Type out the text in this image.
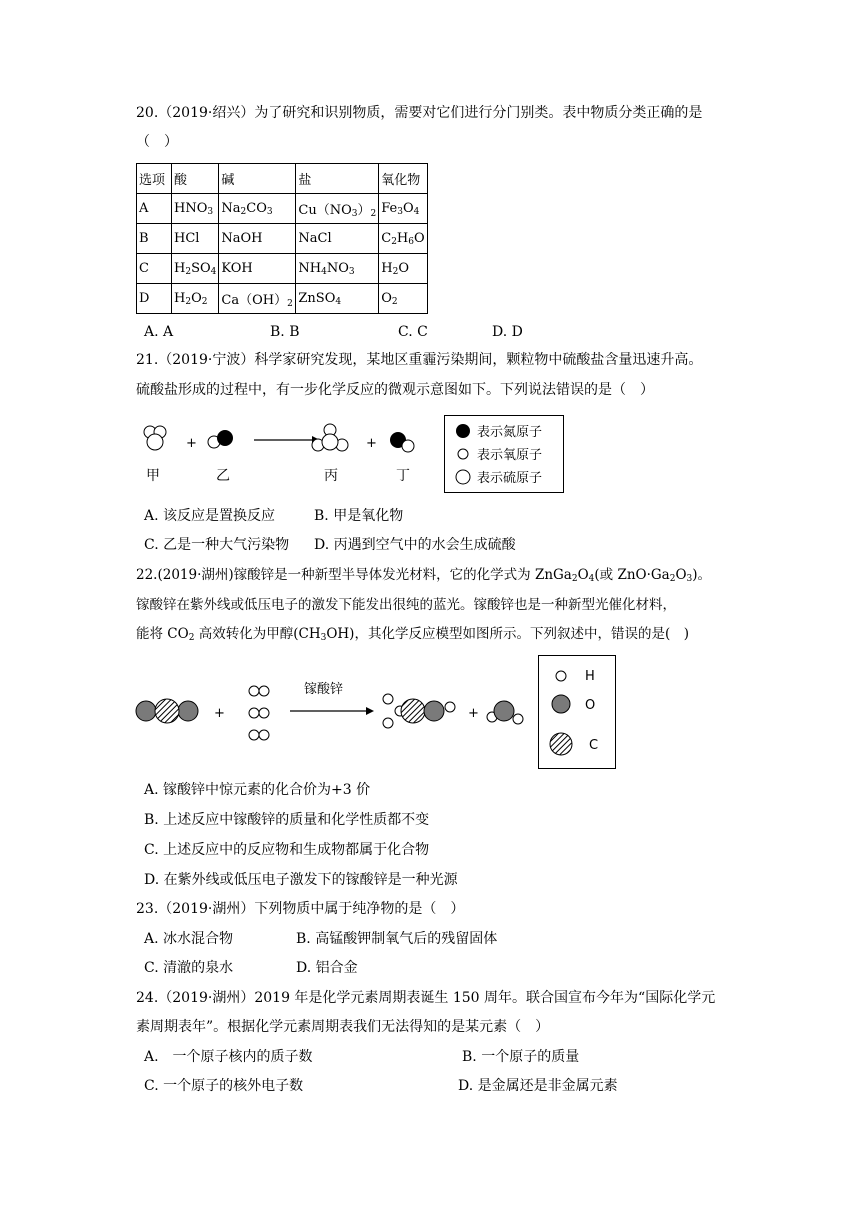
20.（2019·绍兴）为了研究和识别物质，需要对它们进行分门别类。表中物质分类正确的是
（　）
选项	酸	碱	盐	氧化物
A	$HNO_3$	$Na_2CO_3$	$Cu(NO_3)_2$	$Fe_3O_4$
B	HCl	NaOH	NaCl	$C_2H_6O$
C	$H_2SO_4$	KOH	$NH_4NO_3$	$H_2O$
D	$H_2O_2$	$Ca(OH)_2$	ZnSO$_4$	$O_2$
A. A	B. B	C. C	D. D
21.（2019·宁波）科学家研究发现，某地区重霾污染期间，颗粒物中硫酸盐含量迅速升高。
硫酸盐形成的过程中，有一步化学反应的微观示意图如下。下列说法错误的是（　）
+	+
甲	乙	丙	丁
表示氮原子
表示氧原子
表示硫原子
A. 该反应是置换反应	B. 甲是氧化物
C. 乙是一种大气污染物 D. 丙遇到空气中的水会生成硫酸
22.(2019·湖州)镓酸锌是一种新型半导体发光材料，它的化学式为 $ZnGa_2O_4$(或 $ZnO\cdot Ga_2O_3$)。
镓酸锌在紫外线或低压电子的激发下能发出很纯的蓝光。镓酸锌也是一种新型光催化材料，
能将 $CO_2$ 高效转化为甲醇$(CH_3OH)$，其化学反应模型如图所示。下列叙述中，错误的是(　)
+
镓酸锌
+
H
O
C
A. 镓酸锌中惊元素的化合价为+3 价
B. 上述反应中镓酸锌的质量和化学性质都不变
C. 上述反应中的反应物和生成物都属于化合物
D. 在紫外线或低压电子激发下的镓酸锌是一种光源
23.（2019·湖州）下列物质中属于纯净物的是（　）
A. 冰水混合物	B. 高锰酸钾制氧气后的残留固体
C. 清澈的泉水	D. 铝合金
24.（2019·湖州）2019 年是化学元素周期表诞生 150 周年。联合国宣布今年为“国际化学元
素周期表年”。根据化学元素周期表我们无法得知的是某元素（　）
A.　一个原子核内的质子数	B. 一个原子的质量
C. 一个原子的核外电子数	D. 是金属还是非金属元素
